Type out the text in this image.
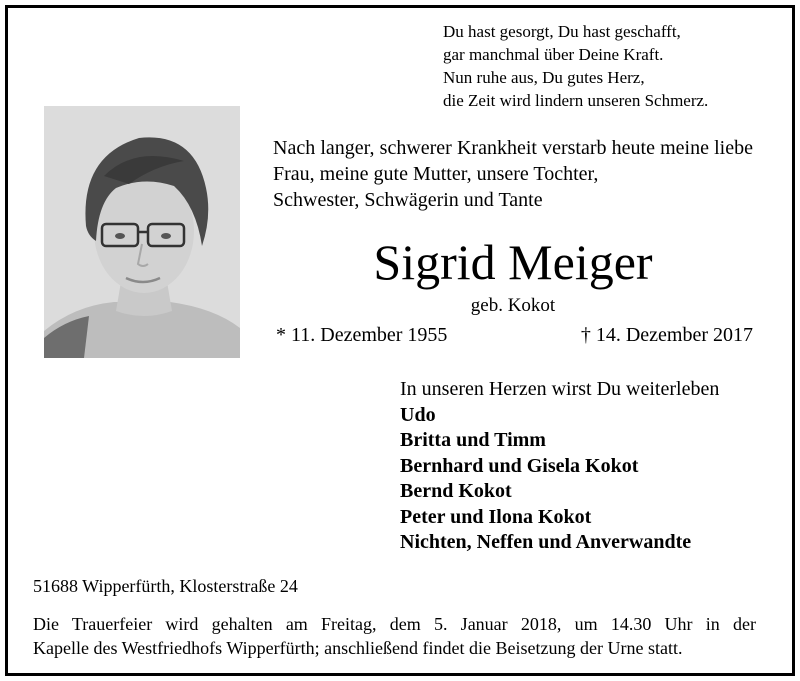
Du hast gesorgt, Du hast geschafft,
gar manchmal über Deine Kraft.
Nun ruhe aus, Du gutes Herz,
die Zeit wird lindern unseren Schmerz.
Nach langer, schwerer Krankheit verstarb heute meine liebe Frau, meine gute Mutter, unsere Tochter,
Schwester, Schwägerin und Tante
Sigrid Meiger
geb. Kokot
* 11. Dezember 1955	† 14. Dezember 2017
In unseren Herzen wirst Du weiterleben
Udo
Britta und Timm
Bernhard und Gisela Kokot
Bernd Kokot
Peter und Ilona Kokot
Nichten, Neffen und Anverwandte
51688 Wipperfürth, Klosterstraße 24
Die Trauerfeier wird gehalten am Freitag, dem 5. Januar 2018, um 14.30 Uhr in der
Kapelle des Westfriedhofs Wipperfürth; anschließend findet die Beisetzung der Urne statt.
